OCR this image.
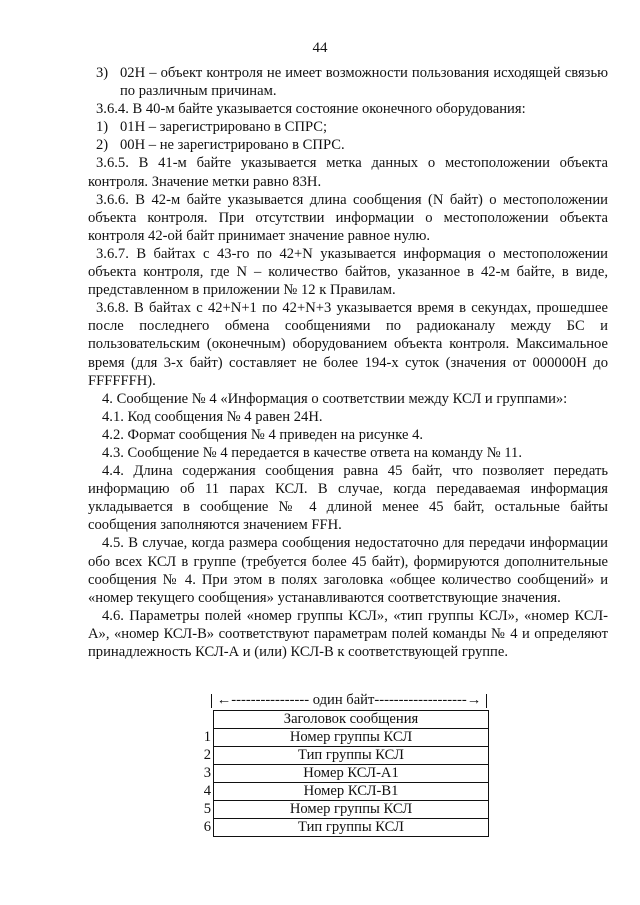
44

3) 02H – объект контроля не имеет возможности пользования исходящей связью по различным причинам.

3.6.4. В 40-м байте указывается состояние оконечного оборудования:

1) 01H – зарегистрировано в СПРС;

2) 00H – не зарегистрировано в СПРС.

3.6.5. В 41-м байте указывается метка данных о местоположении объекта контроля. Значение метки равно 83H.

3.6.6. В 42-м байте указывается длина сообщения (N байт) о местоположении объекта контроля. При отсутствии информации о местоположении объекта контроля 42-ой байт принимает значение равное нулю.

3.6.7. В байтах с 43-го по 42+N указывается информация о местоположении объекта контроля, где N – количество байтов, указанное в 42-м байте, в виде, представленном в приложении № 12 к Правилам.

3.6.8. В байтах с 42+N+1 по 42+N+3 указывается время в секундах, прошедшее после последнего обмена сообщениями по радиоканалу между БС и пользовательским (оконечным) оборудованием объекта контроля. Максимальное время (для 3-х байт) составляет не более 194-х суток (значения от 000000H до FFFFFFH).

4. Сообщение № 4 «Информация о соответствии между КСЛ и группами»:

4.1. Код сообщения № 4 равен 24H.

4.2. Формат сообщения № 4 приведен на рисунке 4.

4.3. Сообщение № 4 передается в качестве ответа на команду № 11.

4.4. Длина содержания сообщения равна 45 байт, что позволяет передать информацию об 11 парах КСЛ. В случае, когда передаваемая информация укладывается в сообщение № 4 длиной менее 45 байт, остальные байты сообщения заполняются значением FFH.

4.5. В случае, когда размера сообщения недостаточно для передачи информации обо всех КСЛ в группе (требуется более 45 байт), формируются дополнительные сообщения № 4. При этом в полях заголовка «общее количество сообщений» и «номер текущего сообщения» устанавливаются соответствующие значения.

4.6. Параметры полей «номер группы КСЛ», «тип группы КСЛ», «номер КСЛ-А», «номер КСЛ-В» соответствуют параметрам полей команды № 4 и определяют принадлежность КСЛ-А и (или) КСЛ-В к соответствующей группе.

←---------------- один байт-------------------→
	Заголовок сообщения
1	Номер группы КСЛ
2	Тип группы КСЛ
3	Номер КСЛ-А1
4	Номер КСЛ-В1
5	Номер группы КСЛ
6	Тип группы КСЛ
